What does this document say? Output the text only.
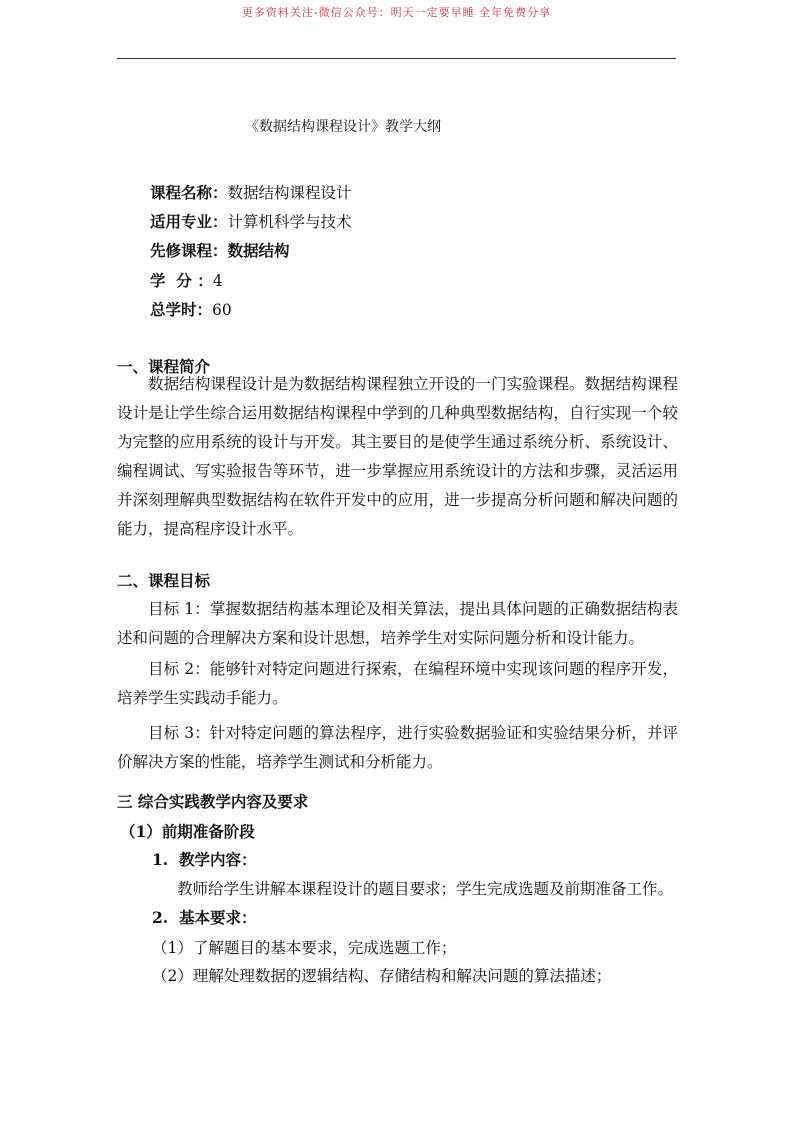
更多资料关注-微信公众号：明天一定要早睡 全年免费分享
《数据结构课程设计》教学大纲
课程名称：数据结构课程设计
适用专业：计算机科学与技术
先修课程：数据结构
学  分 ：4
总学时：60
一、课程简介
数据结构课程设计是为数据结构课程独立开设的一门实验课程。数据结构课程设计是让学生综合运用数据结构课程中学到的几种典型数据结构，自行实现一个较为完整的应用系统的设计与开发。其主要目的是使学生通过系统分析、系统设计、编程调试、写实验报告等环节，进一步掌握应用系统设计的方法和步骤，灵活运用并深刻理解典型数据结构在软件开发中的应用，进一步提高分析问题和解决问题的能力，提高程序设计水平。
二、课程目标
目标 1：掌握数据结构基本理论及相关算法，提出具体问题的正确数据结构表述和问题的合理解决方案和设计思想，培养学生对实际问题分析和设计能力。
目标 2：能够针对特定问题进行探索，在编程环境中实现该问题的程序开发，培养学生实践动手能力。
目标 3：针对特定问题的算法程序，进行实验数据验证和实验结果分析，并评价解决方案的性能，培养学生测试和分析能力。
三 综合实践教学内容及要求
（1）前期准备阶段
1.  教学内容：
教师给学生讲解本课程设计的题目要求；学生完成选题及前期准备工作。
2.  基本要求：
（1）了解题目的基本要求，完成选题工作；
（2）理解处理数据的逻辑结构、存储结构和解决问题的算法描述；
